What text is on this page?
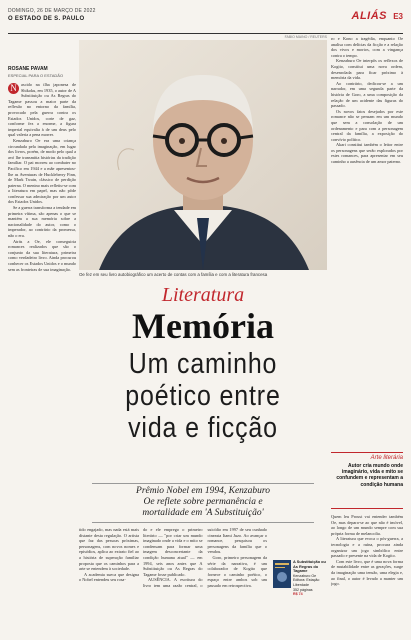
DOMINGO, 26 DE MARÇO DE 2022
O ESTADO DE S. PAULO	ALIÁS E3
ROSANE PAVAM
ESPECIAL PARA O ESTADÃO

N ascido na ilha japonesa de Shikoku, em 1935, o autor de A Substituição ou As Regras do Tagame passou a maior parte da reflexão no entorno da família, provocado pela guerra contra os Estados Unidos, corte de gaz, conforme fez a enorme, a figura imperial equivalia à de um deus pelo qual valeria a pena morrer.

Kenzaburo Oe era uma criança circundada pela imaginação, em lugar dos livros, porém, de modo pelo qual a avó lhe transmitia histórias da tradição familiar. O pai morreu ao combater no Pacífico em 1944 e a mãe apresentou-lhe as Aventuras de Huckleberry Finn, de Mark Twain, clássico de perdição paterna. O menino mais refletiu-se com a literatura em papel, mas não pôde confessar sua admiração por um autor dos Estados Unidos.

Se a guerra transforma a tendade em primeira vítima, são apenas o que se mantém a sua memória sobre a nacionalidade do autor, como o imperador, ao contrário da promessa, não o era.

Atrás a Oe, ele conseguiria romances realizados que são o conjunto da sua literatura, primeira como verdadeiro livro. Ainda procurou conhecer os Estados Unidos e o mundo sem as fronteiras de sua imaginação.

FABIO MAINO / REUTERS
Oe fez em seu livro autobiográfico um acerto de contas com a família e com a literatura francesa
Literatura
Memória
Um caminho
poético entre
vida e ficção
Prêmio Nobel em 1994, Kenzaburo
Oe reflete sobre permanência e
mortalidade em 'A Substituição'

tido engajado, mas nada está mais distante desta regulação. O artista que faz das pessoas próximas, personagens, com novos nomes e episódios, aplica ao extrato fiel ao a história de superação familiar proposta que os caminhos para a arte se entendem à sociedade.

A academia sueca que designa o Nobel entendeu seu rosa-

do e ele emprego o primeiro literário — "por criar um mundo imaginado onde a vida e o mito se condensam para formar uma imagem desconcertante da condição humana atual" — em 1994, seis anos antes que A Substituição ou As Regras do Tagame fosse publicado.

AUSÊNCIA. A escritura do livro tem uma razão central, o suicídio em 1997 de seu cunhado cineasta Itami Juzo. Ao avançar o romance, pesquisou os personagens da família que o vendou.

Goro, primeiro personagem da série da narrativa, é um colaborador de Kogito que fornece o caminho poético, o espaço entre ambos sob um passado em retrospectiva.

A Substituição ou As Regras do Tagame
Kenzaburo Oe
Editora: Estação Liberdade
352 páginas
R$ 74

ro e Kono a tragédia, enquanto Oe analisa com delícias da ficção e a relação dos vivos e mortos, com a vingança contra o tempo.

Kenzaburo Oe interpôs os reflexos de Kogito, constitui uma nova ordem, desenrolada para ficar próximo à memória da vida.

Ao contrário, dedicou-se a um narrador, em uma segunda parte da história de Goro, a uma composição da relação de um acidente das figuras do passado.

Os novos fatos desejados por este romance não se pensam em um mundo que sem a consolação de um ordenamento e para com a personagem central da família, a exposição do convívio político.

Akari constitui também o leitor entre os personagens que serão explorados por estes romances, para apresentar em seu caminho a ausência de um amor paterno.

Arte literária
Autor cria mundo onde imaginário, vida e mito se confundem e representam a condição humana

Quem leu Proust vai entender também Oe, mas depara-se ao que não é imóvel, ao longo de um mundo sempre com sua própria forma de melancolia.

A literatura que evoca o pós-guerra, a tecnologia e a ruína, procura ainda organizar um jogo simbólico entre passado e presente na vida de Kogito.

Com este livro, que é uma nova forma de mutabilidade entre as gerações, surge da imaginação uma tensão, uma elegia e, ao final, o autor é levado a manter um jogo.
